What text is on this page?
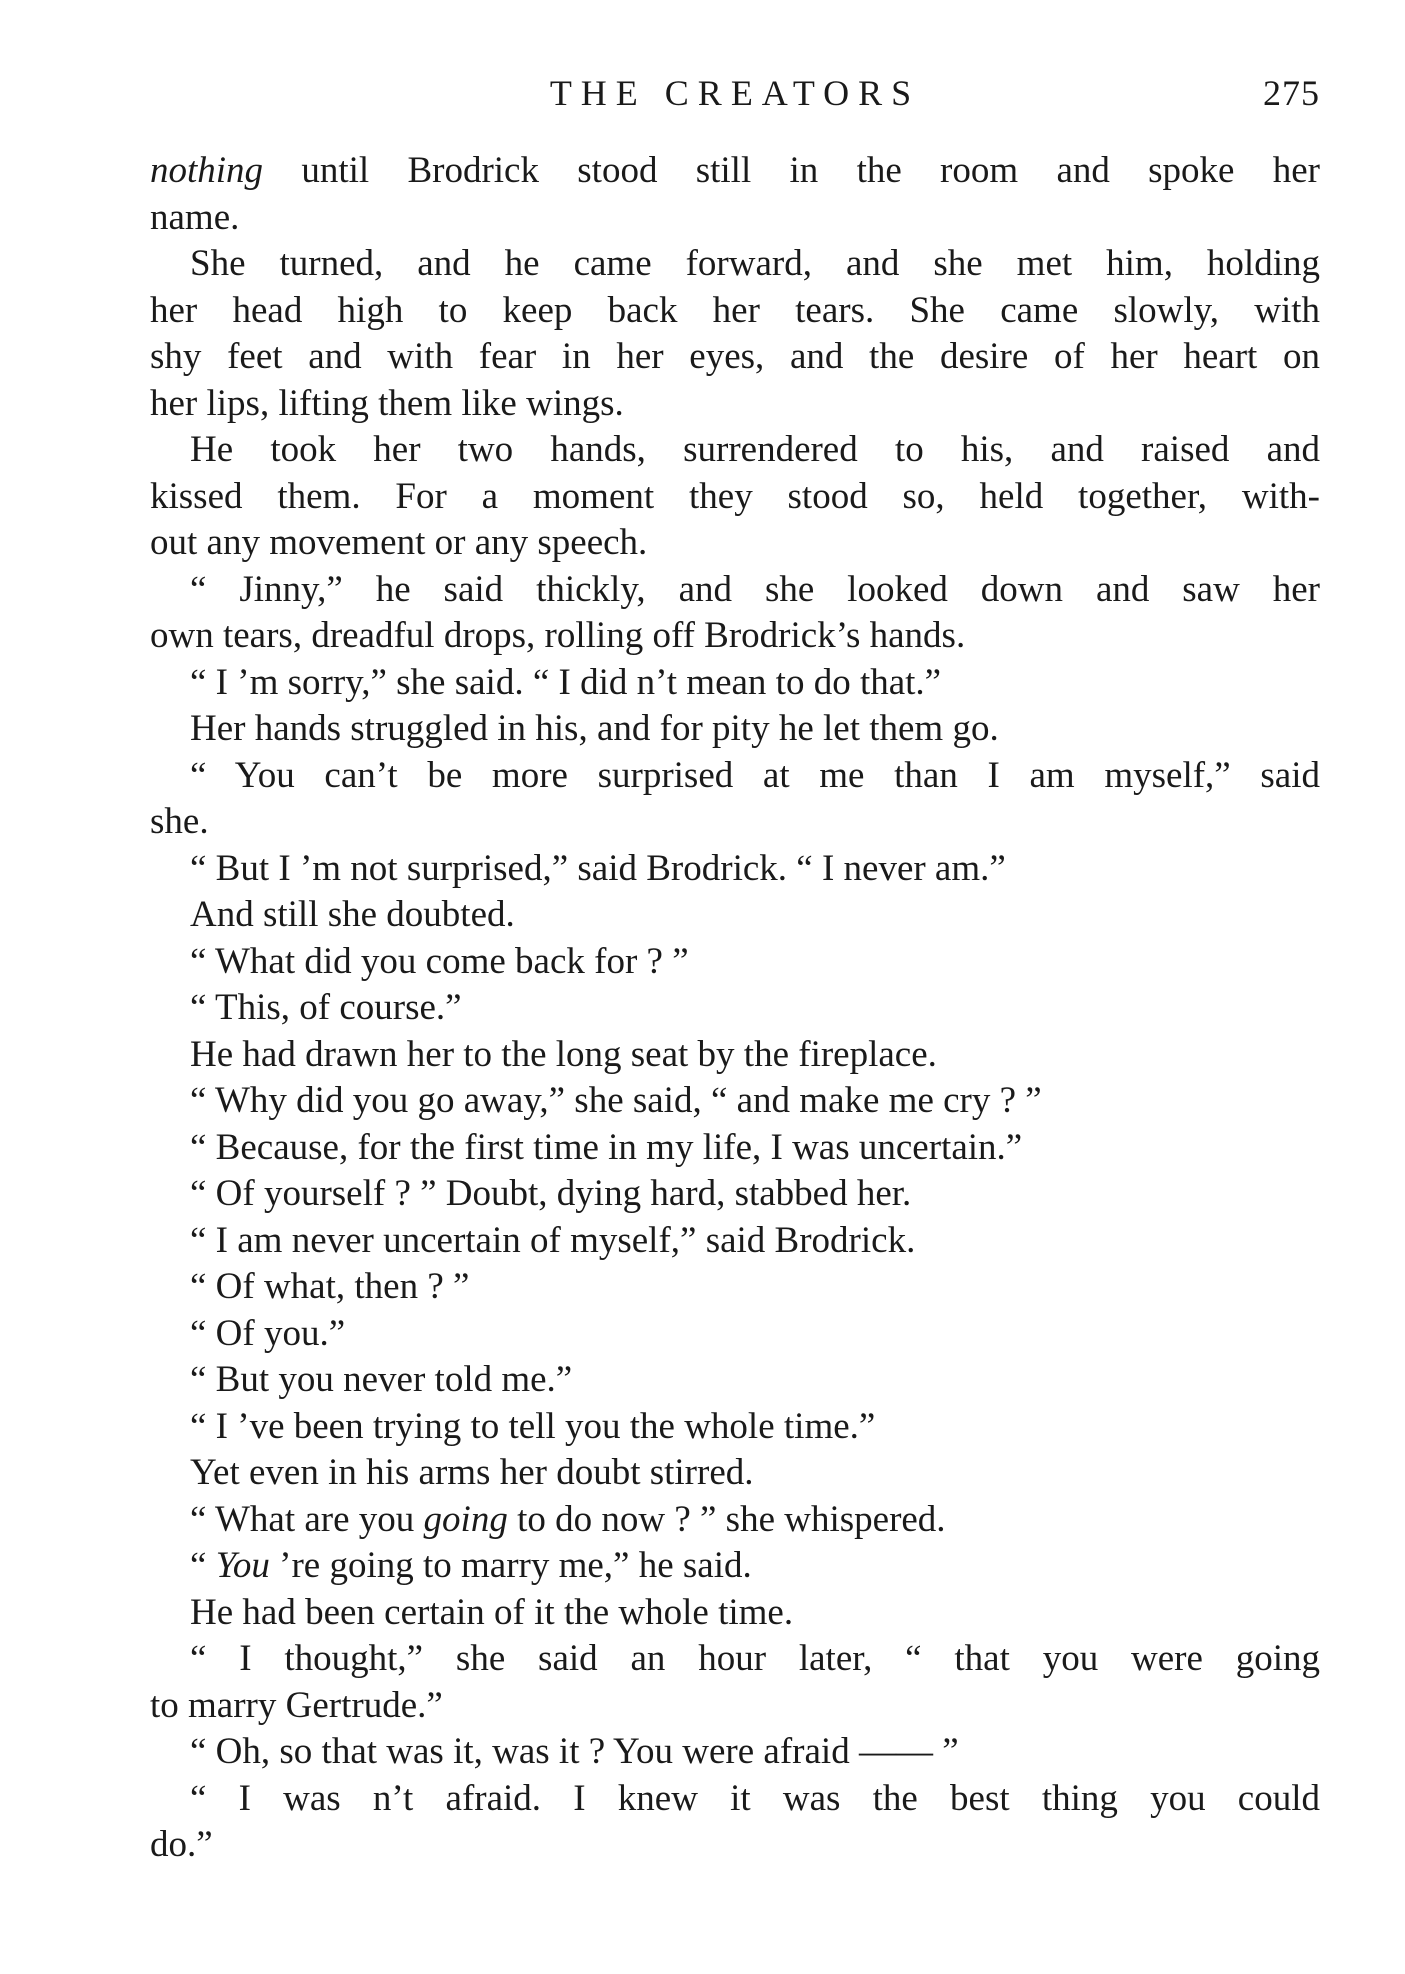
THE CREATORS	275
nothing until Brodrick stood still in the room and spoke her
name.
She turned, and he came forward, and she met him, holding
her head high to keep back her tears. She came slowly, with
shy feet and with fear in her eyes, and the desire of her heart on
her lips, lifting them like wings.
He took her two hands, surrendered to his, and raised and
kissed them. For a moment they stood so, held together, with-
out any movement or any speech.
“ Jinny,” he said thickly, and she looked down and saw her
own tears, dreadful drops, rolling off Brodrick’s hands.
“ I ’m sorry,” she said. “ I did n’t mean to do that.”
Her hands struggled in his, and for pity he let them go.
“ You can’t be more surprised at me than I am myself,” said
she.
“ But I ’m not surprised,” said Brodrick. “ I never am.”
And still she doubted.
“ What did you come back for ? ”
“ This, of course.”
He had drawn her to the long seat by the fireplace.
“ Why did you go away,” she said, “ and make me cry ? ”
“ Because, for the first time in my life, I was uncertain.”
“ Of yourself ? ” Doubt, dying hard, stabbed her.
“ I am never uncertain of myself,” said Brodrick.
“ Of what, then ? ”
“ Of you.”
“ But you never told me.”
“ I ’ve been trying to tell you the whole time.”
Yet even in his arms her doubt stirred.
“ What are you going to do now ? ” she whispered.
“ You ’re going to marry me,” he said.
He had been certain of it the whole time.
“ I thought,” she said an hour later, “ that you were going
to marry Gertrude.”
“ Oh, so that was it, was it ? You were afraid —— ”
“ I was n’t afraid. I knew it was the best thing you could
do.”
